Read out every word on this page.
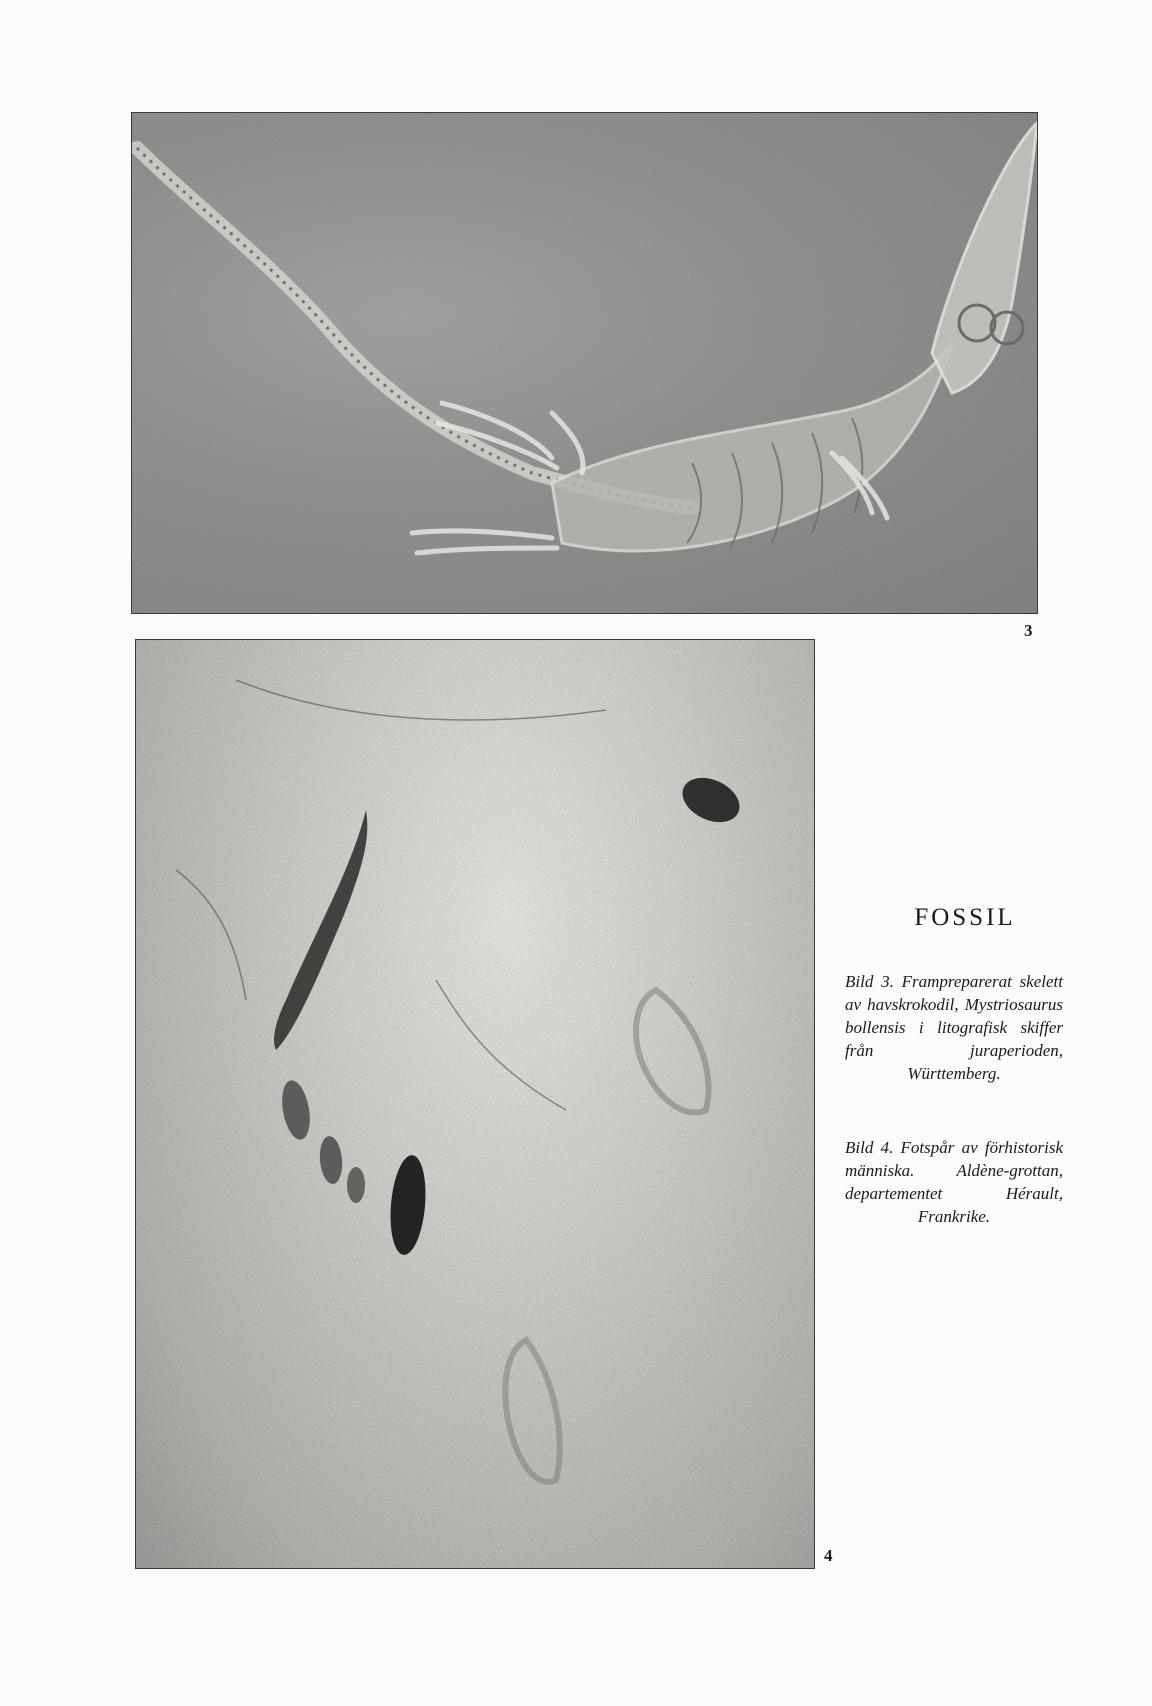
3
4
FOSSIL
Bild 3. Frampreparerat skelett av havskrokodil, Mystriosaurus bollensis i litografisk skiffer från juraperioden, Württemberg.
Bild 4. Fotspår av förhistorisk människa. Aldène-grottan, departementet Hérault, Frankrike.
